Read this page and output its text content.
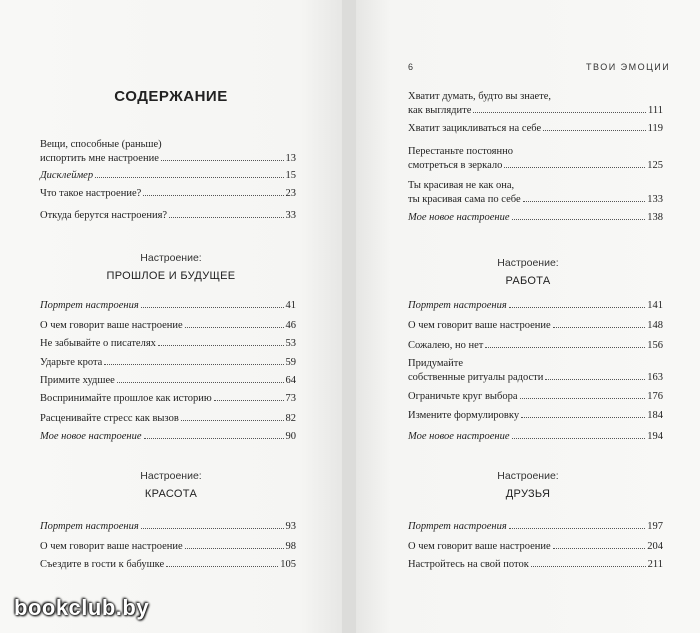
СОДЕРЖАНИЕ
6	ТВОИ ЭМОЦИИ
Вещи, способные (раньше)
испортить мне настроение	13
Дисклеймер	15
Что такое настроение?	23
Откуда берутся настроения?	33
Настроение:
ПРОШЛОЕ И БУДУЩЕЕ
Портрет настроения	41
О чем говорит ваше настроение	46
Не забывайте о писателях	53
Ударьте крота	59
Примите худшее	64
Воспринимайте прошлое как историю	73
Расценивайте стресс как вызов	82
Мое новое настроение	90
Настроение:
КРАСОТА
Портрет настроения	93
О чем говорит ваше настроение	98
Съездите в гости к бабушке	105
Хватит думать, будто вы знаете,
как выглядите	111
Хватит зацикливаться на себе	119
Перестаньте постоянно
смотреться в зеркало	125
Ты красивая не как она,
ты красивая сама по себе	133
Мое новое настроение	138
Настроение:
РАБОТА
Портрет настроения	141
О чем говорит ваше настроение	148
Сожалею, но нет	156
Придумайте
собственные ритуалы радости	163
Ограничьте круг выбора	176
Измените формулировку	184
Мое новое настроение	194
Настроение:
ДРУЗЬЯ
Портрет настроения	197
О чем говорит ваше настроение	204
Настройтесь на свой поток	211
bookclub.by
